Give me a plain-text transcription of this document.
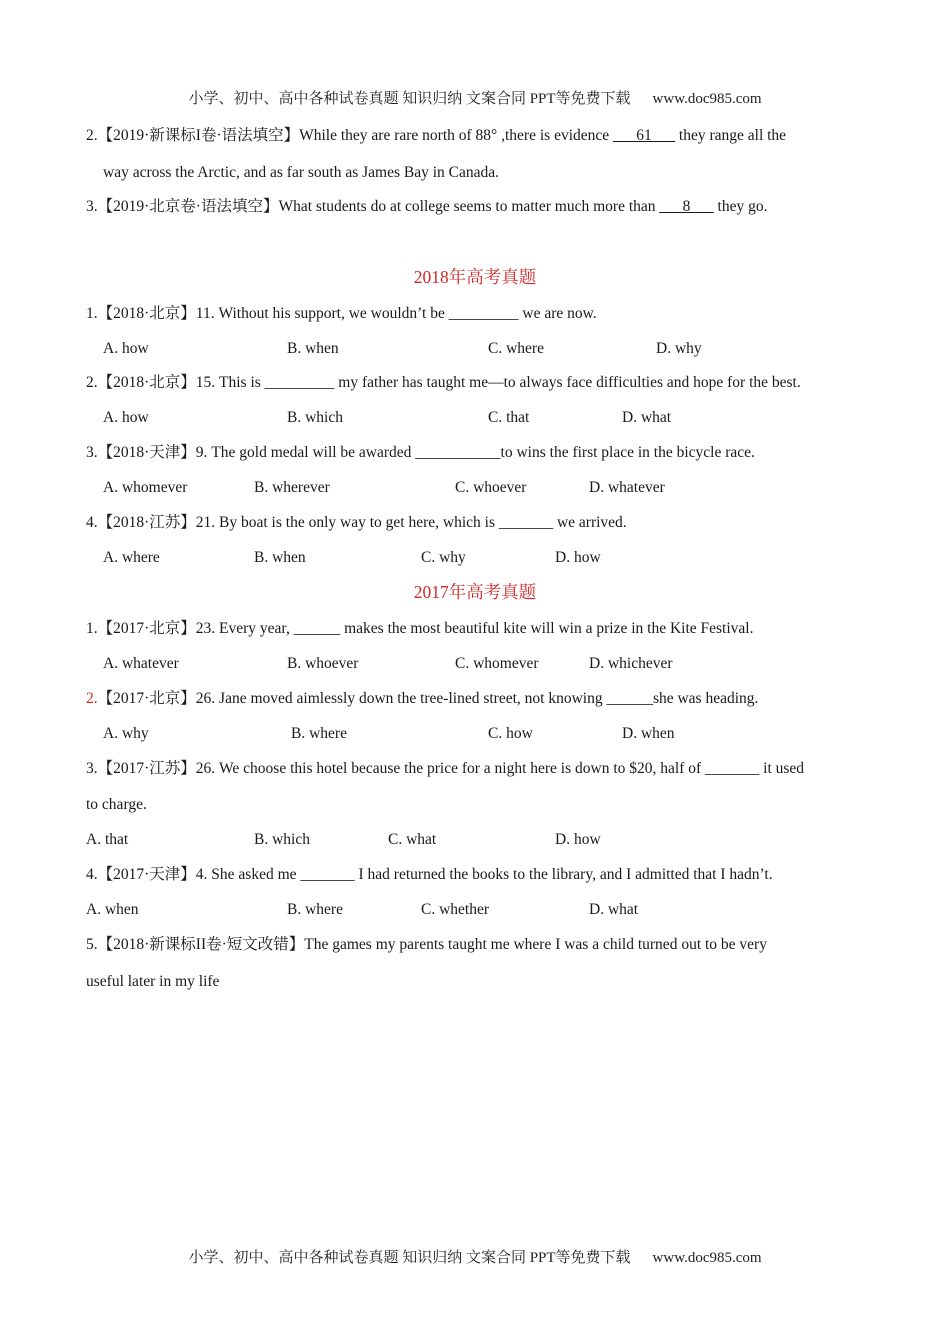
小学、初中、高中各种试卷真题 知识归纳 文案合同 PPT等免费下载 www.doc985.com
2.【2019·新课标I卷·语法填空】While they are rare north of 88° ,there is evidence ___61___ they range all the
way across the Arctic, and as far south as James Bay in Canada.
3.【2019·北京卷·语法填空】What students do at college seems to matter much more than ___8___ they go.
2018年高考真题
1.【2018·北京】11. Without his support, we wouldn’t be _________ we are now.
A. how	B. when	C. where	D. why
2.【2018·北京】15. This is _________ my father has taught me—to always face difficulties and hope for the best.
A. how	B. which	C. that	D. what
3.【2018·天津】9. The gold medal will be awarded ___________to wins the first place in the bicycle race.
A. whomever	B. wherever	C. whoever	D. whatever
4.【2018·江苏】21. By boat is the only way to get here, which is _______ we arrived.
A. where	B. when	C. why	D. how
2017年高考真题
1.【2017·北京】23. Every year, ______ makes the most beautiful kite will win a prize in the Kite Festival.
A. whatever	B. whoever	C. whomever	D. whichever
2.【2017·北京】26. Jane moved aimlessly down the tree-lined street, not knowing ______she was heading.
A. why	B. where	C. how	D. when
3.【2017·江苏】26. We choose this hotel because the price for a night here is down to $20, half of _______ it used
to charge.
A. that	B. which	C. what	D. how
4.【2017·天津】4. She asked me _______ I had returned the books to the library, and I admitted that I hadn’t.
A. when	B. where	C. whether	D. what
5.【2018·新课标II卷·短文改错】The games my parents taught me where I was a child turned out to be very
useful later in my life
小学、初中、高中各种试卷真题 知识归纳 文案合同 PPT等免费下载 www.doc985.com
